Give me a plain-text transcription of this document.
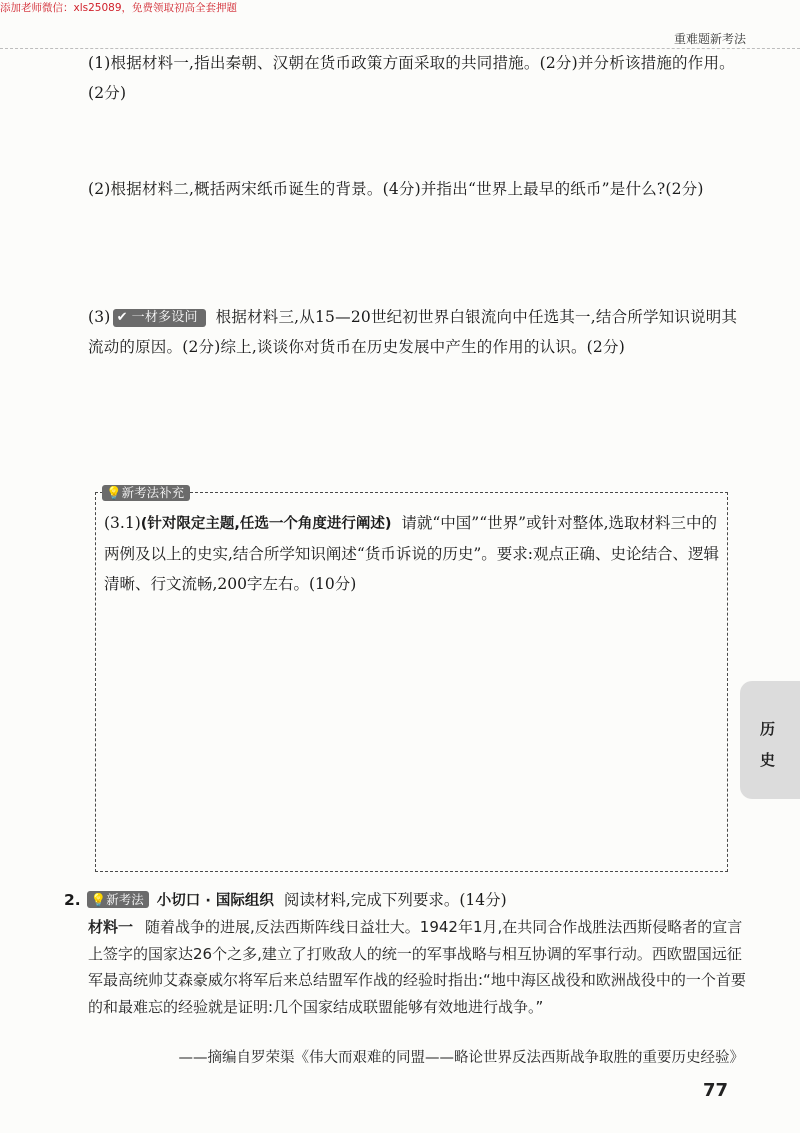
添加老师微信：xls25089，免费领取初高全套押题
重难题新考法
(1)根据材料一,指出秦朝、汉朝在货币政策方面采取的共同措施。(2分)并分析该措施的作用。(2分)
(2)根据材料二,概括两宋纸币诞生的背景。(4分)并指出“世界上最早的纸币”是什么?(2分)
(3) ✔ 一材多设问 根据材料三,从15—20世纪初世界白银流向中任选其一,结合所学知识说明其流动的原因。(2分)综上,谈谈你对货币在历史发展中产生的作用的认识。(2分)
💡新考法补充
(3.1)(针对限定主题,任选一个角度进行阐述) 请就“中国”“世界”或针对整体,选取材料三中的两例及以上的史实,结合所学知识阐述“货币诉说的历史”。要求:观点正确、史论结合、逻辑清晰、行文流畅,200字左右。(10分)
历
史
2. 💡新考法 小切口 · 国际组织 阅读材料,完成下列要求。(14分)
材料一 随着战争的进展,反法西斯阵线日益壮大。1942年1月,在共同合作战胜法西斯侵略者的宣言上签字的国家达26个之多,建立了打败敌人的统一的军事战略与相互协调的军事行动。西欧盟国远征军最高统帅艾森豪威尔将军后来总结盟军作战的经验时指出:“地中海区战役和欧洲战役中的一个首要的和最难忘的经验就是证明:几个国家结成联盟能够有效地进行战争。”
——摘编自罗荣渠《伟大而艰难的同盟——略论世界反法西斯战争取胜的重要历史经验》
77
